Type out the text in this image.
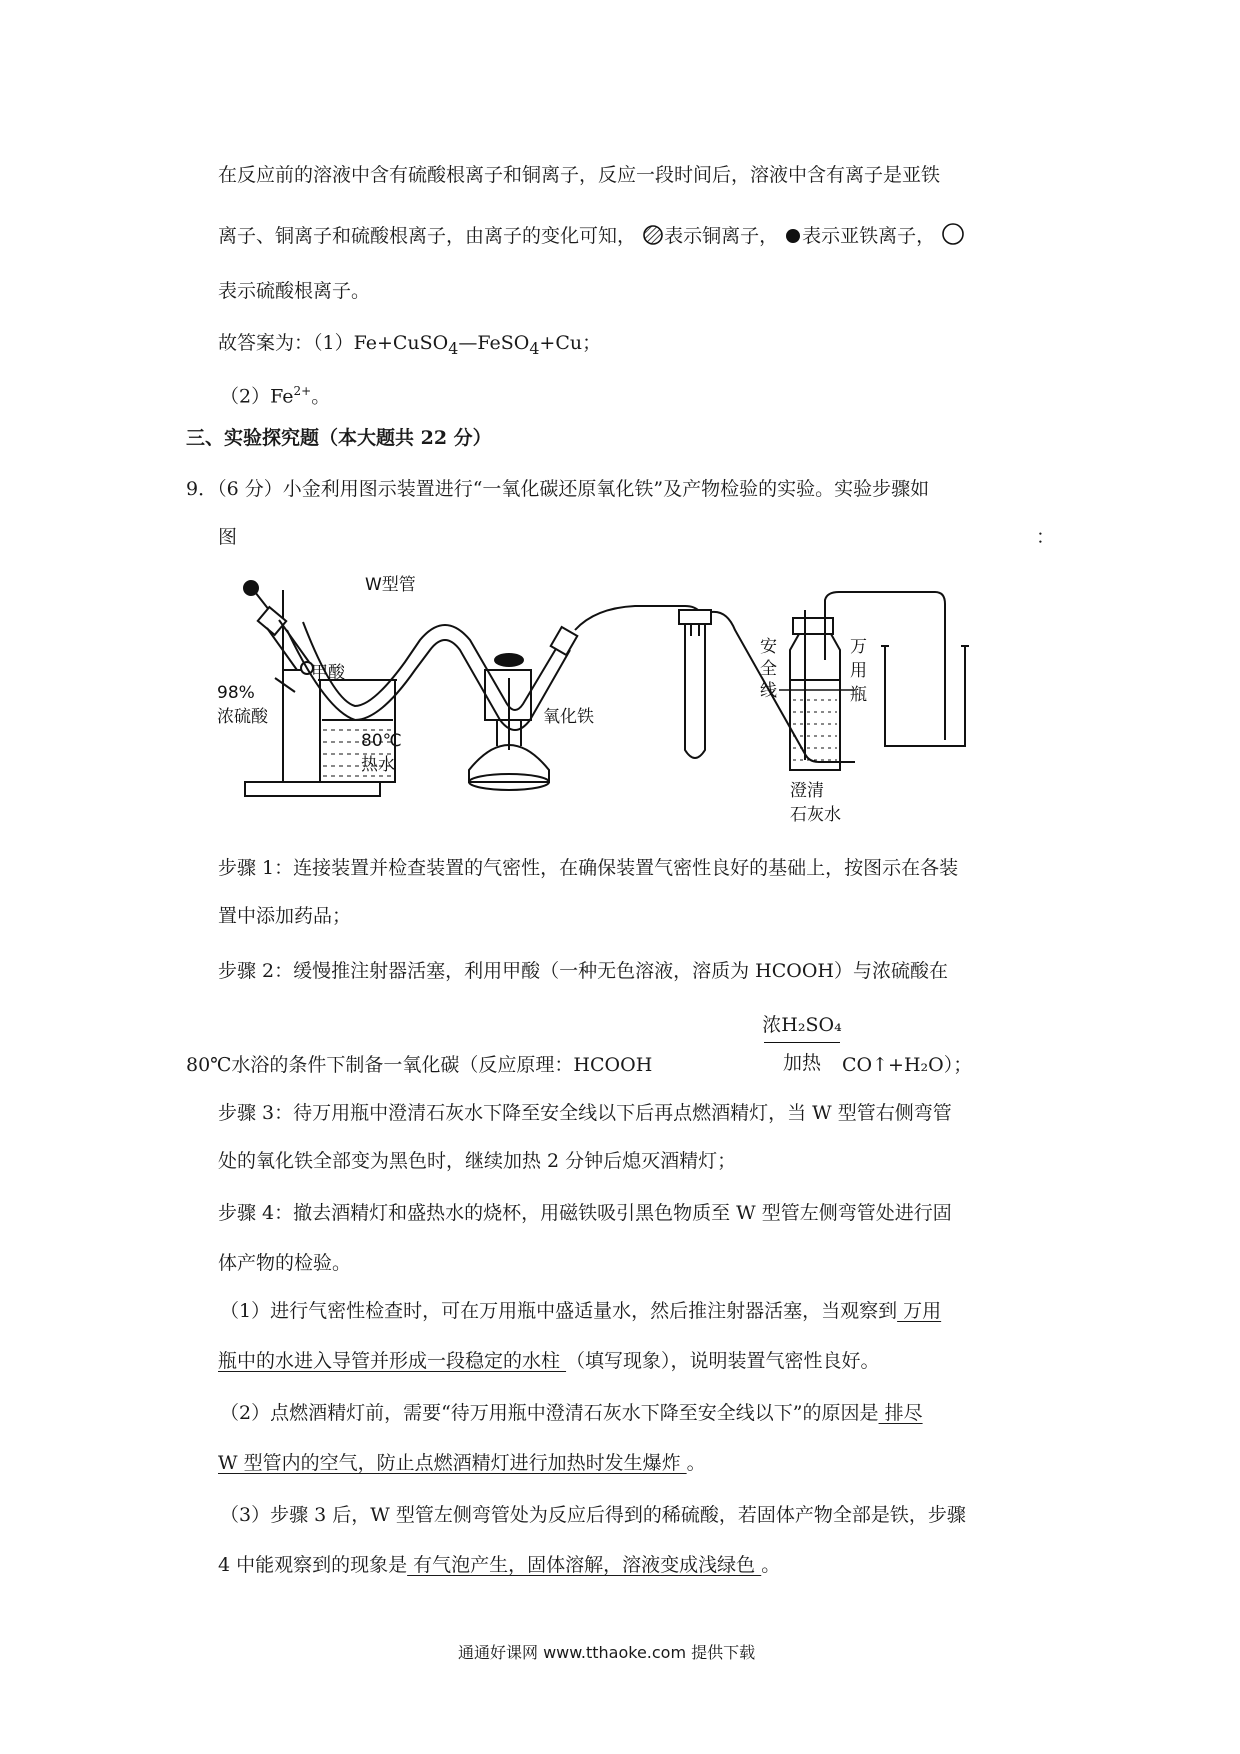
在反应前的溶液中含有硫酸根离子和铜离子，反应一段时间后，溶液中含有离子是亚铁
离子、铜离子和硫酸根离子，由离子的变化可知， 表示铜离子， 表示亚铁离子，
表示硫酸根离子。
故答案为：（1）Fe+CuSO$_4$—FeSO$_4$+Cu；
$(2)Fe^{2+}$。
三、实验探究题（本大题共 22 分）
9．（6 分）小金利用图示装置进行“一氧化碳还原氧化铁”及产物检验的实验。实验步骤如
图	：
W型管
甲酸
98%
浓硫酸
80℃
热水
氧化铁
安
全
线
万
用
瓶
澄清
石灰水
步骤 1：连接装置并检查装置的气密性，在确保装置气密性良好的基础上，按图示在各装
置中添加药品；
步骤 2：缓慢推注射器活塞，利用甲酸（一种无色溶液，溶质为 HCOOH）与浓硫酸在
浓H₂SO₄
加热
80℃水浴的条件下制备一氧化碳（反应原理：HCOOH	CO↑+H₂O）；
步骤 3：待万用瓶中澄清石灰水下降至安全线以下后再点燃酒精灯，当 W 型管右侧弯管
处的氧化铁全部变为黑色时，继续加热 2 分钟后熄灭酒精灯；
步骤 4：撤去酒精灯和盛热水的烧杯，用磁铁吸引黑色物质至 W 型管左侧弯管处进行固
体产物的检验。
（1）进行气密性检查时，可在万用瓶中盛适量水，然后推注射器活塞，当观察到 万用
瓶中的水进入导管并形成一段稳定的水柱 （填写现象），说明装置气密性良好。
（2）点燃酒精灯前，需要“待万用瓶中澄清石灰水下降至安全线以下”的原因是 排尽
W 型管内的空气，防止点燃酒精灯进行加热时发生爆炸 。
（3）步骤 3 后，W 型管左侧弯管处为反应后得到的稀硫酸，若固体产物全部是铁，步骤
4 中能观察到的现象是 有气泡产生，固体溶解，溶液变成浅绿色 。
通通好课网 www.tthaoke.com 提供下载
